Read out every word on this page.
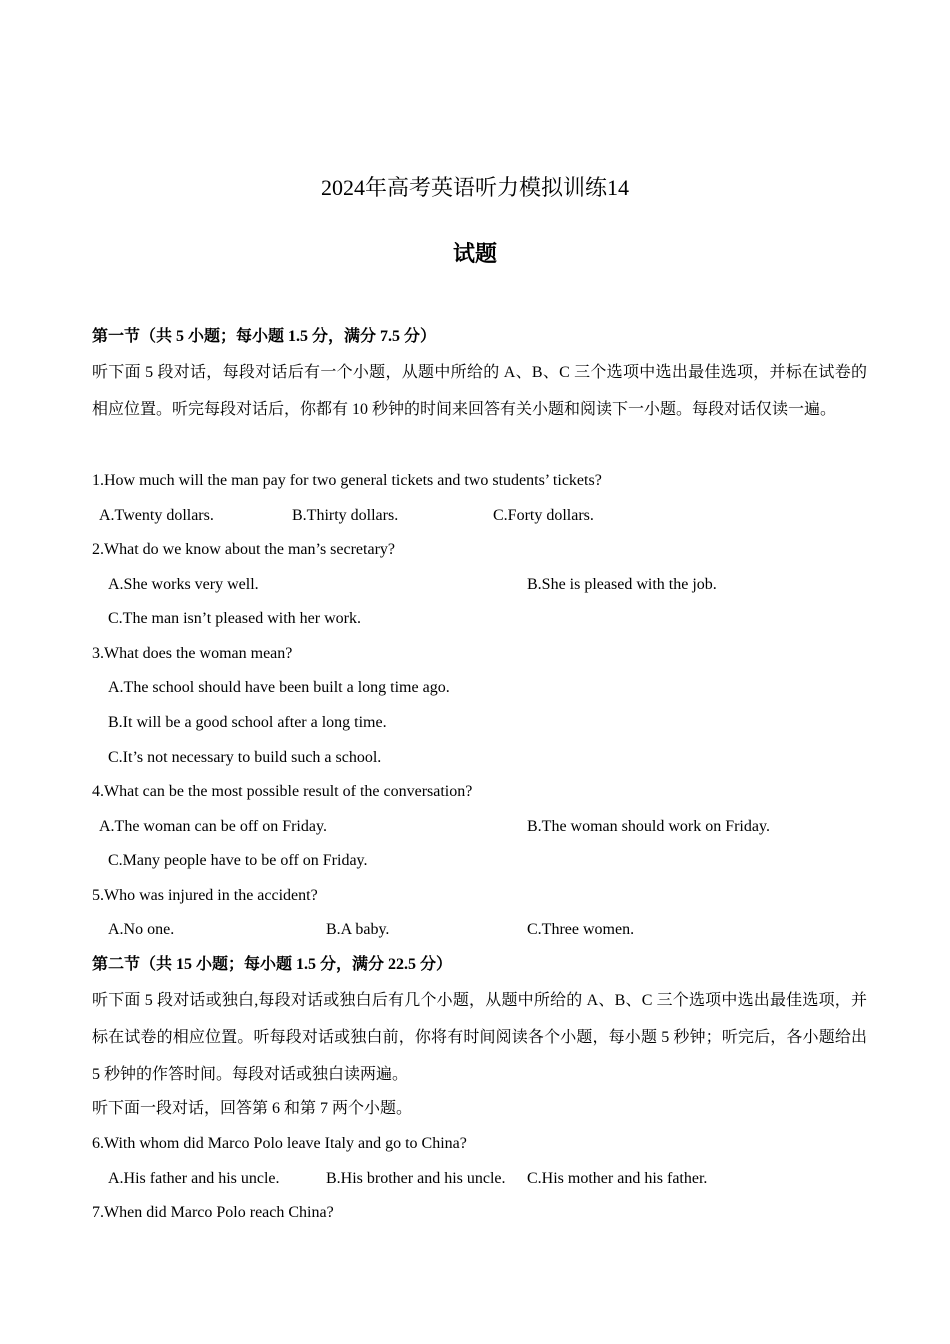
2024年高考英语听力模拟训练14
试题
第一节（共 5 小题；每小题 1.5 分，满分 7.5 分）
听下面 5 段对话，每段对话后有一个小题，从题中所给的 A、B、C 三个选项中选出最佳选项，并标在试卷的相应位置。听完每段对话后，你都有 10 秒钟的时间来回答有关小题和阅读下一小题。每段对话仅读一遍。
1.How much will the man pay for two general tickets and two students’ tickets?
A.Twenty dollars.	B.Thirty dollars.	C.Forty dollars.
2.What do we know about the man’s secretary?
A.She works very well.	B.She is pleased with the job.
C.The man isn’t pleased with her work.
3.What does the woman mean?
A.The school should have been built a long time ago.
B.It will be a good school after a long time.
C.It’s not necessary to build such a school.
4.What can be the most possible result of the conversation?
A.The woman can be off on Friday.	B.The woman should work on Friday.
C.Many people have to be off on Friday.
5.Who was injured in the accident?
A.No one.	B.A baby.	C.Three women.
第二节（共 15 小题；每小题 1.5 分，满分 22.5 分）
听下面 5 段对话或独白,每段对话或独白后有几个小题，从题中所给的 A、B、C 三个选项中选出最佳选项，并标在试卷的相应位置。听每段对话或独白前，你将有时间阅读各个小题，每小题 5 秒钟；听完后，各小题给出 5 秒钟的作答时间。每段对话或独白读两遍。
听下面一段对话，回答第 6 和第 7 两个小题。
6.With whom did Marco Polo leave Italy and go to China?
A.His father and his uncle.	B.His brother and his uncle. C.His mother and his father.
7.When did Marco Polo reach China?
